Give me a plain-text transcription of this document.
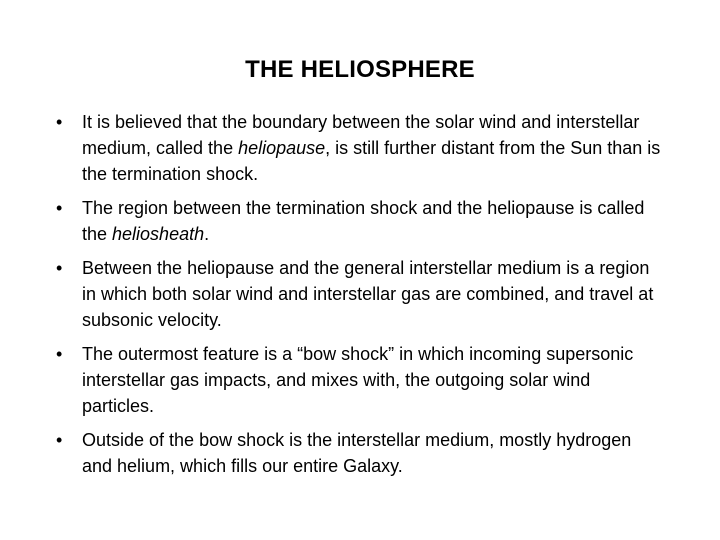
THE HELIOSPHERE
•	It is believed that the boundary between the solar wind and interstellar medium, called the heliopause, is still further distant from the Sun than is the termination shock.
•	The region between the termination shock and the heliopause is called the heliosheath.
•	Between the heliopause and the general interstellar medium is a region in which both solar wind and interstellar gas are combined, and travel at subsonic velocity.
•	The outermost feature is a “bow shock” in which incoming supersonic interstellar gas impacts, and mixes with, the outgoing solar wind particles.
•	Outside of the bow shock is the interstellar medium, mostly hydrogen and helium, which fills our entire Galaxy.
